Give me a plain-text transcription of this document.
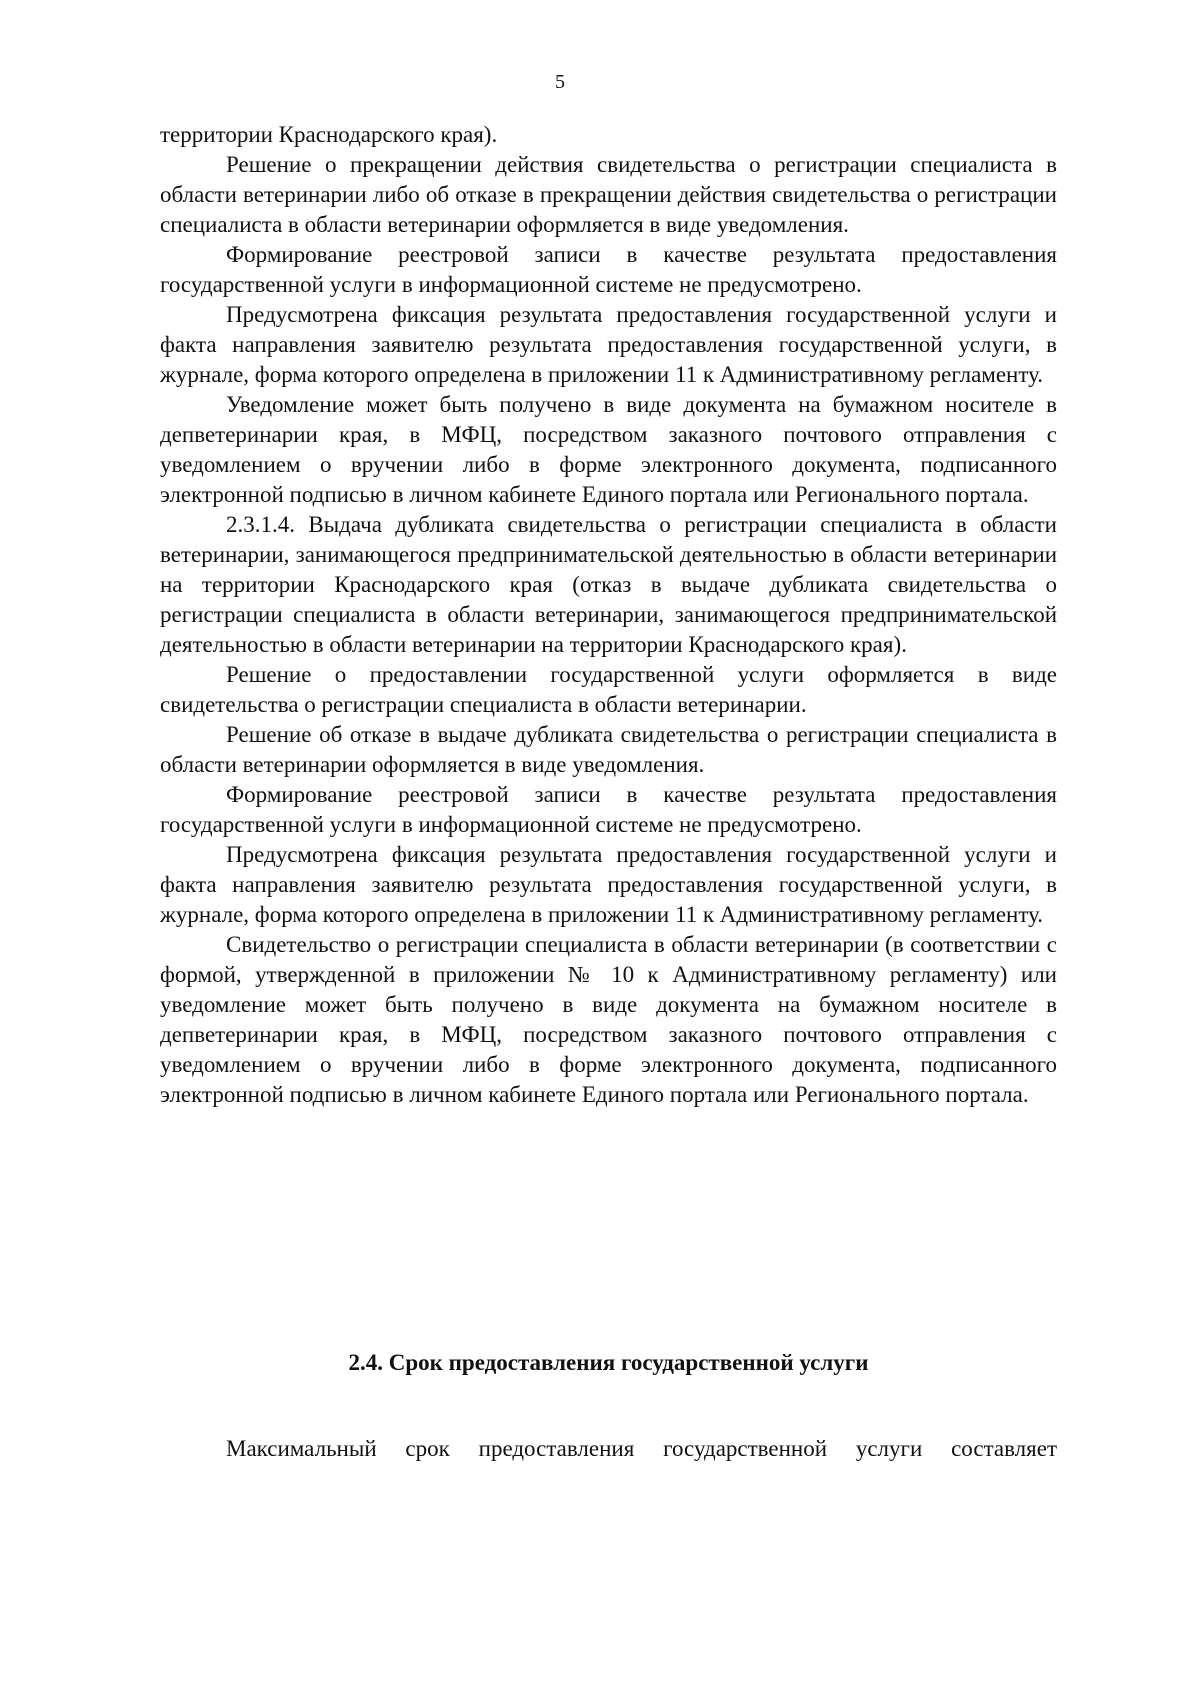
5

территории Краснодарского края).

Решение о прекращении действия свидетельства о регистрации специалиста в области ветеринарии либо об отказе в прекращении действия свидетельства о регистрации специалиста в области ветеринарии оформляется в виде уведомления.

Формирование реестровой записи в качестве результата предоставления государственной услуги в информационной системе не предусмотрено.

Предусмотрена фиксация результата предоставления государственной услуги и факта направления заявителю результата предоставления государственной услуги, в журнале, форма которого определена в приложении 11 к Административному регламенту.

Уведомление может быть получено в виде документа на бумажном носителе в депветеринарии края, в МФЦ, посредством заказного почтового отправления с уведомлением о вручении либо в форме электронного документа, подписанного электронной подписью в личном кабинете Единого портала или Регионального портала.

2.3.1.4. Выдача дубликата свидетельства о регистрации специалиста в области ветеринарии, занимающегося предпринимательской деятельностью в области ветеринарии на территории Краснодарского края (отказ в выдаче дубликата свидетельства о регистрации специалиста в области ветеринарии, занимающегося предпринимательской деятельностью в области ветеринарии на территории Краснодарского края).

Решение о предоставлении государственной услуги оформляется в виде свидетельства о регистрации специалиста в области ветеринарии.

Решение об отказе в выдаче дубликата свидетельства о регистрации специалиста в области ветеринарии оформляется в виде уведомления.

Формирование реестровой записи в качестве результата предоставления государственной услуги в информационной системе не предусмотрено.

Предусмотрена фиксация результата предоставления государственной услуги и факта направления заявителю результата предоставления государственной услуги, в журнале, форма которого определена в приложении 11 к Административному регламенту.

Свидетельство о регистрации специалиста в области ветеринарии (в соответствии с формой, утвержденной в приложении № 10 к Административному регламенту) или уведомление может быть получено в виде документа на бумажном носителе в депветеринарии края, в МФЦ, посредством заказного почтового отправления с уведомлением о вручении либо в форме электронного документа, подписанного электронной подписью в личном кабинете Единого портала или Регионального портала.

2.4. Срок предоставления государственной услуги

Максимальный срок предоставления государственной услуги составляет
